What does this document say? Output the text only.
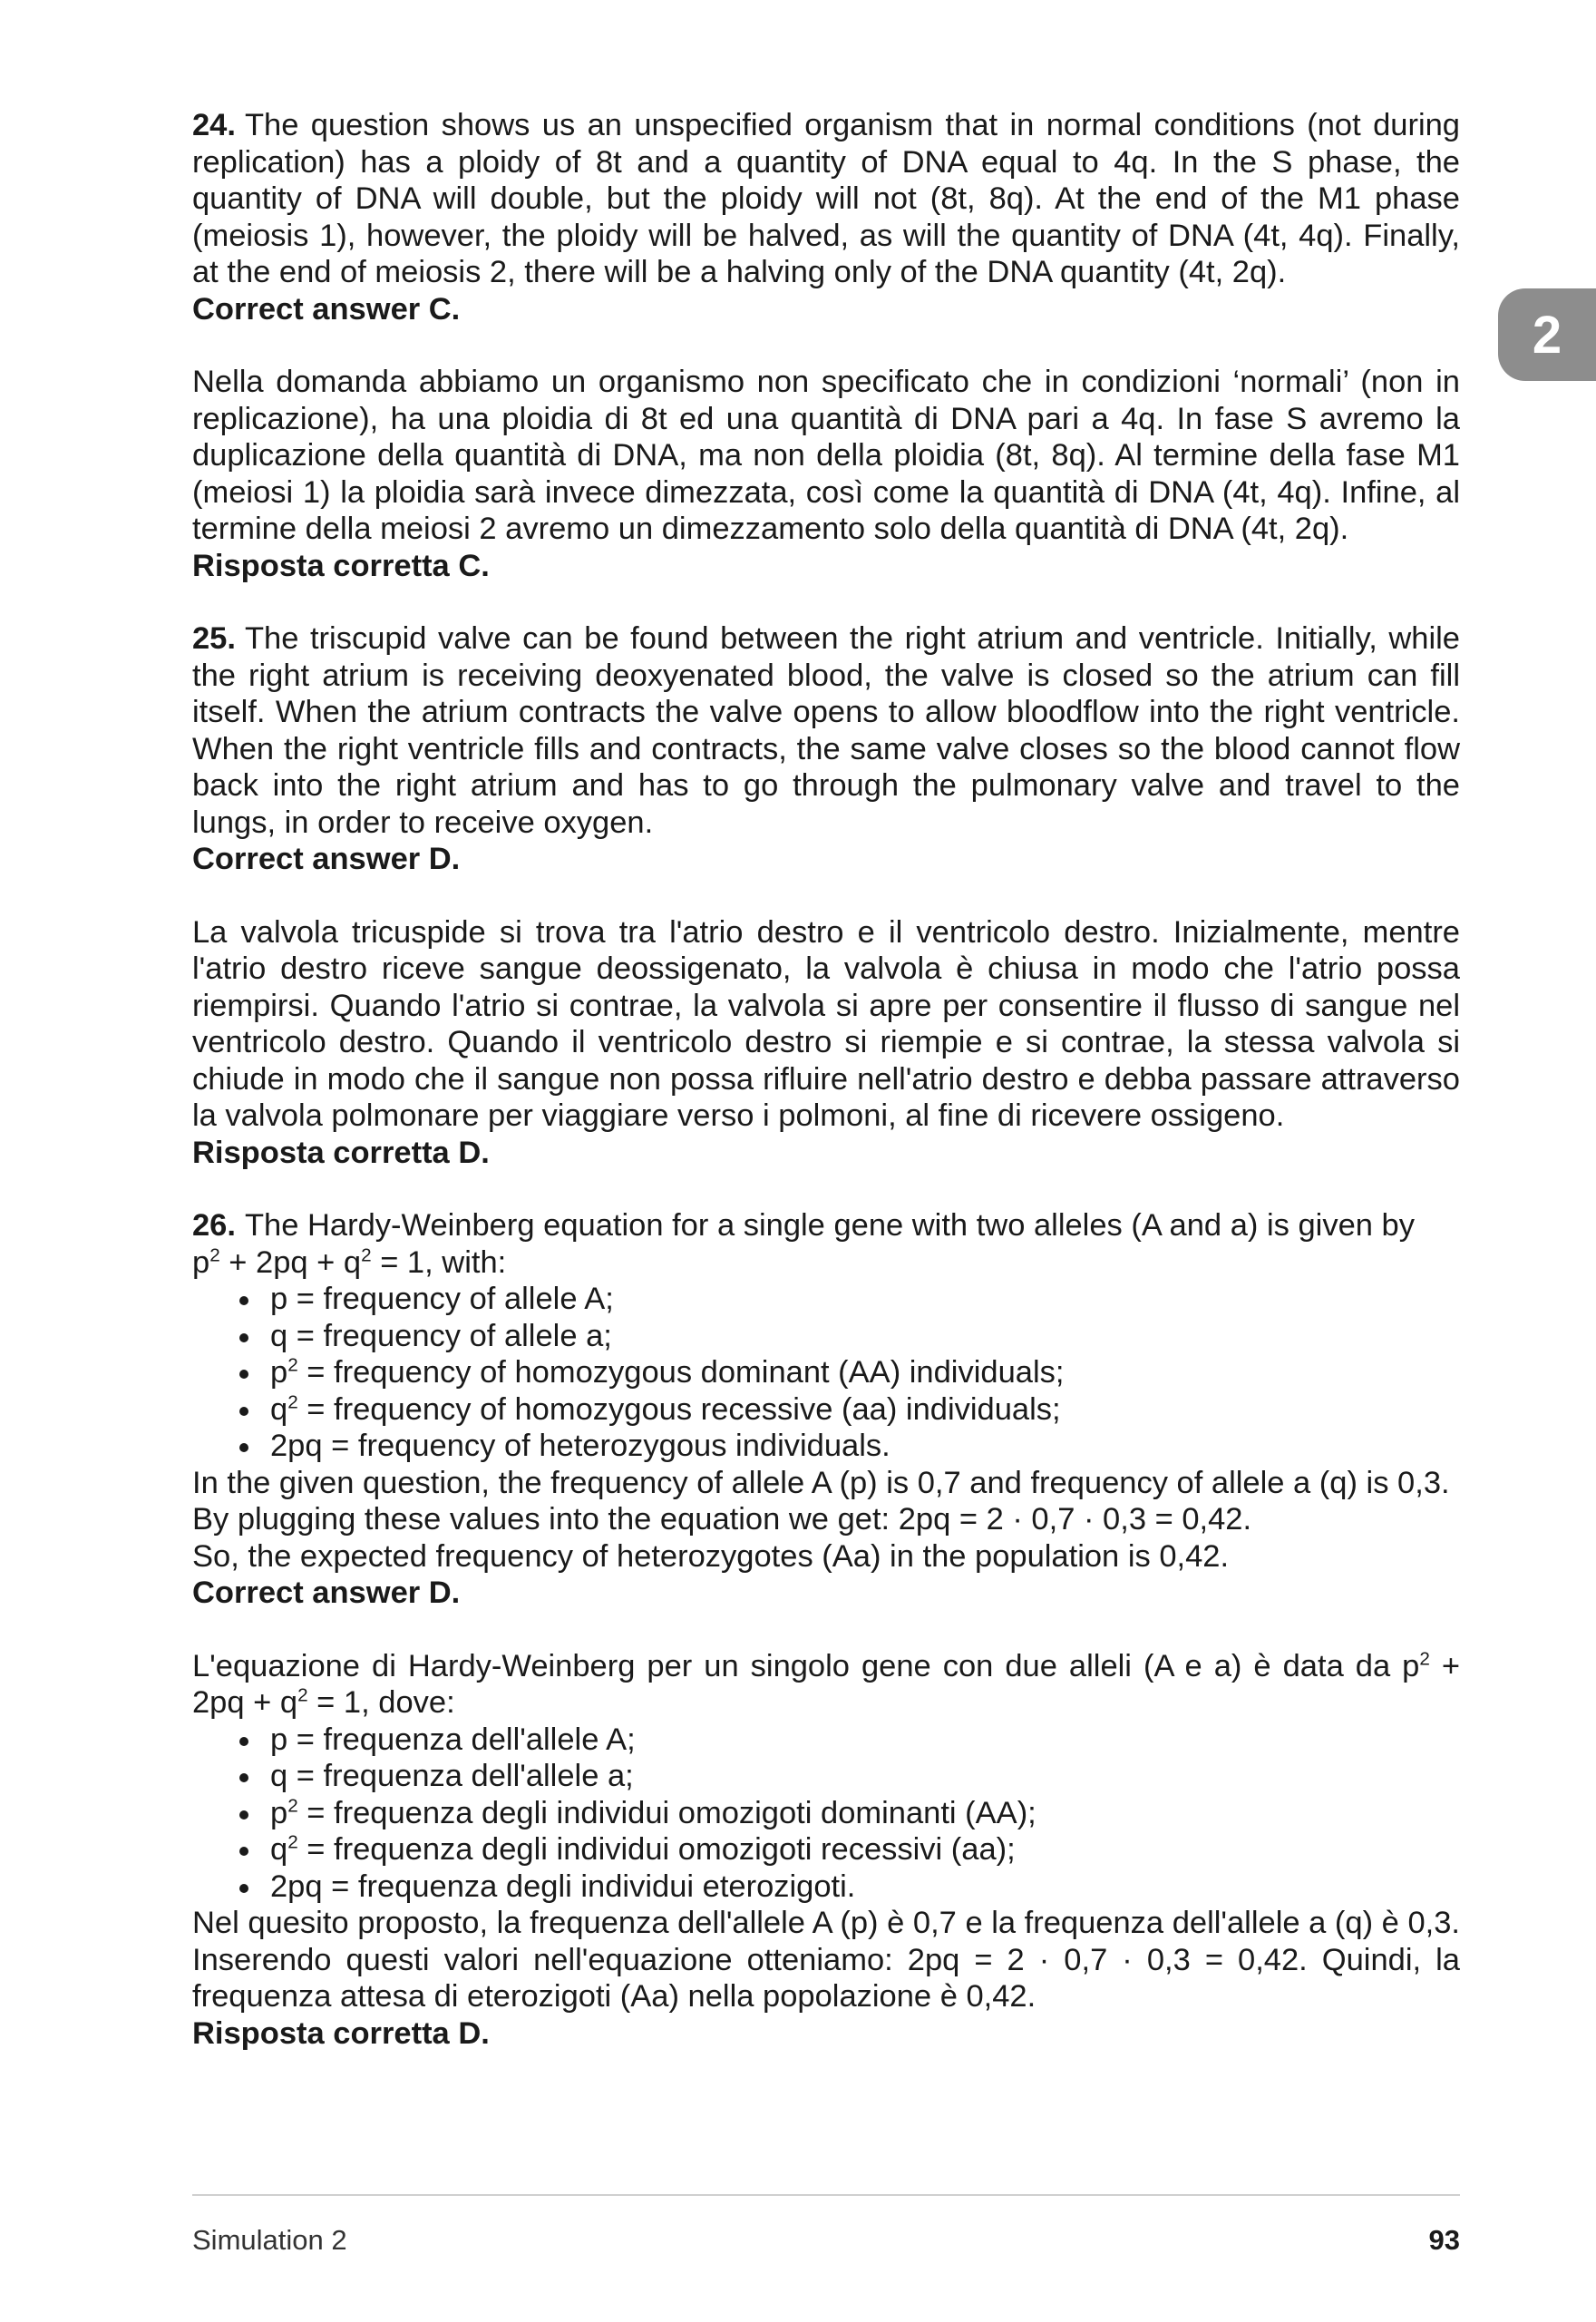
2

24. The question shows us an unspecified organism that in normal conditions (not during replication) has a ploidy of 8t and a quantity of DNA equal to 4q. In the S phase, the quantity of DNA will double, but the ploidy will not (8t, 8q). At the end of the M1 phase (meiosis 1), however, the ploidy will be halved, as will the quantity of DNA (4t, 4q). Finally, at the end of meiosis 2, there will be a halving only of the DNA quantity (4t, 2q).

Correct answer C.

Nella domanda abbiamo un organismo non specificato che in condizioni ‘normali’ (non in replicazione), ha una ploidia di 8t ed una quantità di DNA pari a 4q. In fase S avremo la duplicazione della quantità di DNA, ma non della ploidia (8t, 8q). Al termine della fase M1 (meiosi 1) la ploidia sarà invece dimezzata, così come la quantità di DNA (4t, 4q). Infine, al termine della meiosi 2 avremo un dimezzamento solo della quantità di DNA (4t, 2q).

Risposta corretta C.

25. The triscupid valve can be found between the right atrium and ventricle. Initially, while the right atrium is receiving deoxyenated blood, the valve is closed so the atrium can fill itself. When the atrium contracts the valve opens to allow bloodflow into the right ventricle. When the right ventricle fills and contracts, the same valve closes so the blood cannot flow back into the right atrium and has to go through the pulmonary valve and travel to the lungs, in order to receive oxygen.

Correct answer D.

La valvola tricuspide si trova tra l'atrio destro e il ventricolo destro. Inizialmente, mentre l'atrio destro riceve sangue deossigenato, la valvola è chiusa in modo che l'atrio possa riempirsi. Quando l'atrio si contrae, la valvola si apre per consentire il flusso di sangue nel ventricolo destro. Quando il ventricolo destro si riempie e si contrae, la stessa valvola si chiude in modo che il sangue non possa rifluire nell'atrio destro e debba passare attraverso la valvola polmonare per viaggiare verso i polmoni, al fine di ricevere ossigeno.

Risposta corretta D.

26. The Hardy-Weinberg equation for a single gene with two alleles (A and a) is given by
$p^2 + 2pq + q^2 = 1$, with:

p = frequency of allele A;
q = frequency of allele a;
$p^2$ = frequency of homozygous dominant (AA) individuals;
$q^2$ = frequency of homozygous recessive (aa) individuals;
2pq = frequency of heterozygous individuals.

In the given question, the frequency of allele A (p) is 0,7 and frequency of allele a (q) is 0,3.

By plugging these values into the equation we get: 2pq = 2 · 0,7 · 0,3 = 0,42.

So, the expected frequency of heterozygotes (Aa) in the population is 0,42.

Correct answer D.

L'equazione di Hardy-Weinberg per un singolo gene con due alleli (A e a) è data da $p^2 + 2pq + q^2 = 1$, dove:

p = frequenza dell'allele A;
q = frequenza dell'allele a;
$p^2$ = frequenza degli individui omozigoti dominanti (AA);
$q^2$ = frequenza degli individui omozigoti recessivi (aa);
2pq = frequenza degli individui eterozigoti.

Nel quesito proposto, la frequenza dell'allele A (p) è 0,7 e la frequenza dell'allele a (q) è 0,3. Inserendo questi valori nell'equazione otteniamo: 2pq = 2 · 0,7 · 0,3 = 0,42. Quindi, la frequenza attesa di eterozigoti (Aa) nella popolazione è 0,42.

Risposta corretta D.

Simulation 2	93
